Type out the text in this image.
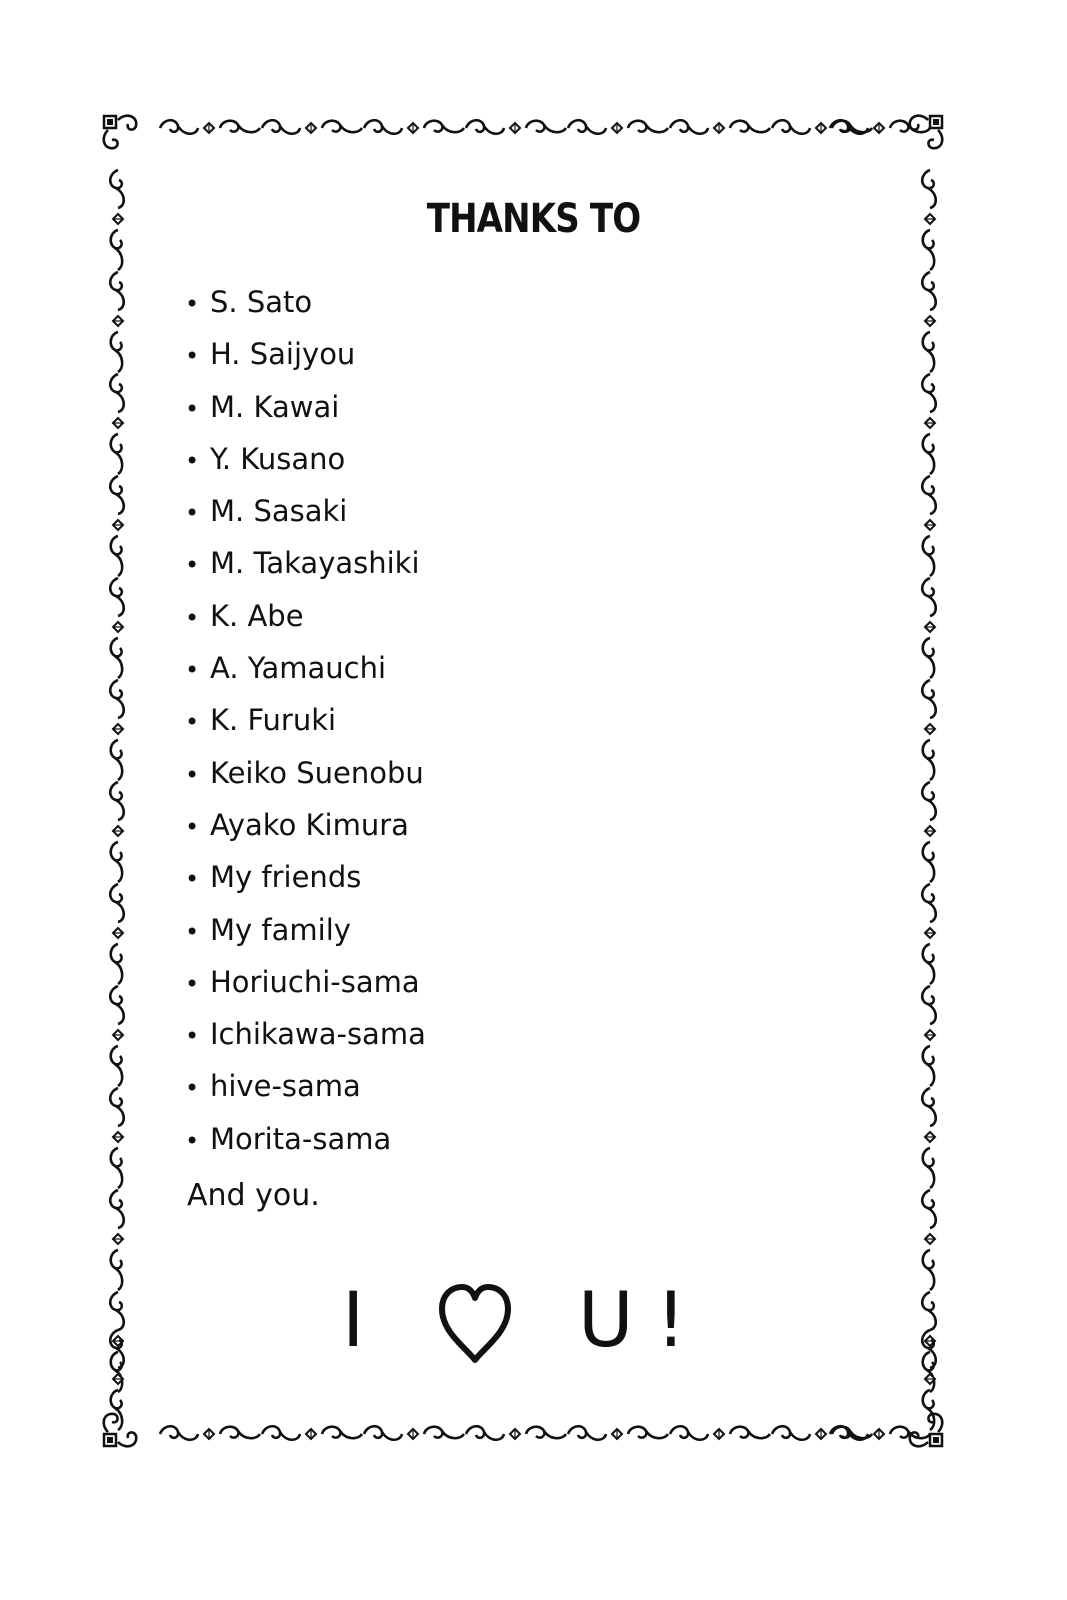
THANKS TO
• S. Sato
• H. Saijyou
• M. Kawai
• Y. Kusano
• M. Sasaki
• M. Takayashiki
• K. Abe
• A. Yamauchi
• K. Furuki
• Keiko Suenobu
• Ayako Kimura
• My friends
• My family
• Horiuchi-sama
• Ichikawa-sama
• hive-sama
• Morita-sama
And you.
I	U!
